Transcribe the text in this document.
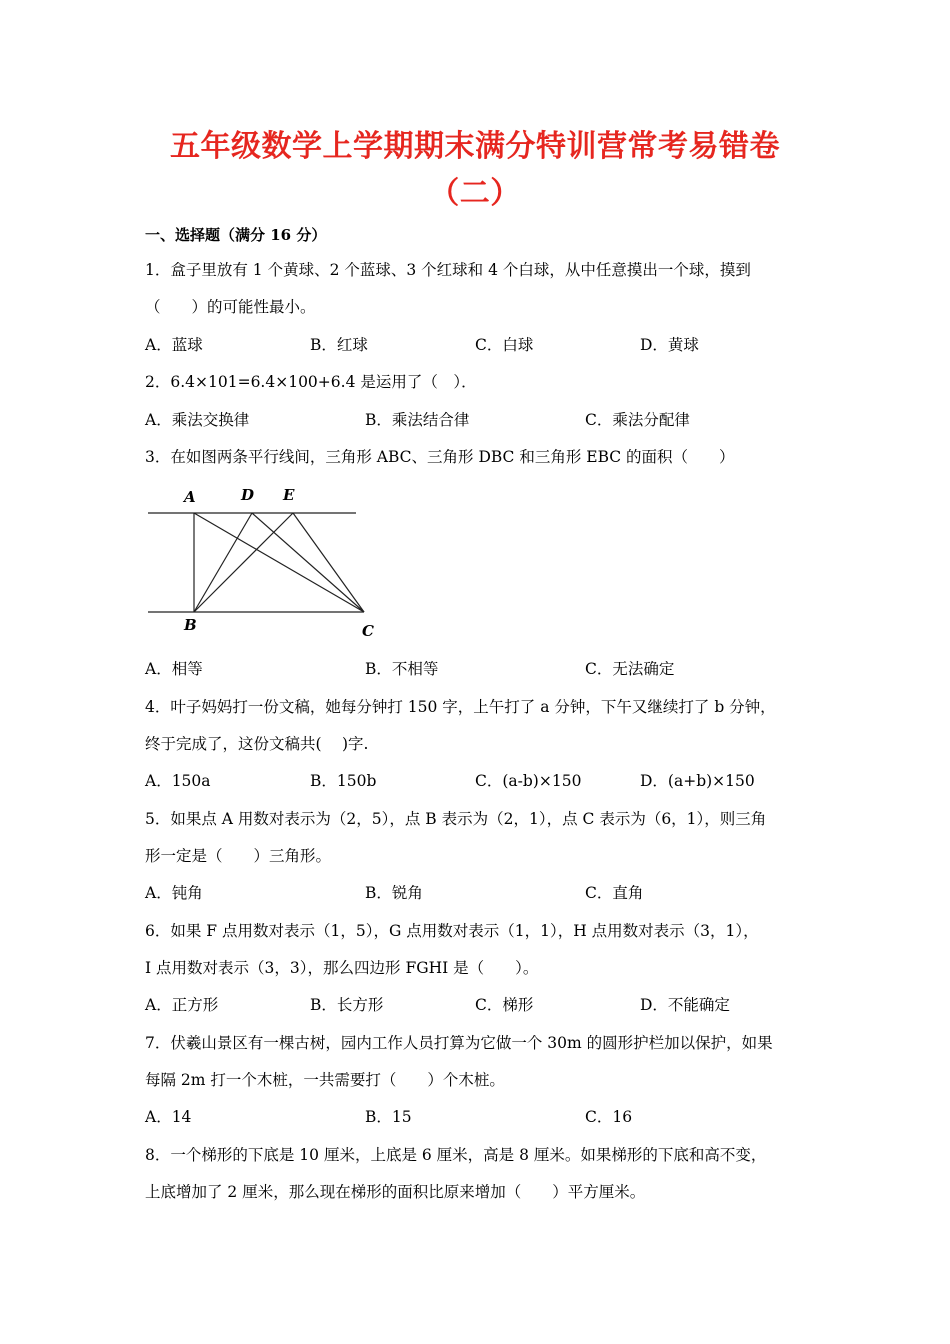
五年级数学上学期期末满分特训营常考易错卷
（二）
一、选择题（满分 16 分）
1．盒子里放有 1 个黄球、2 个蓝球、3 个红球和 4 个白球，从中任意摸出一个球，摸到
（　　）的可能性最小。
A．蓝球	B．红球	C．白球	D．黄球
2．6.4×101=6.4×100+6.4 是运用了（　）．
A．乘法交换律	B．乘法结合律	C．乘法分配律
3．在如图两条平行线间，三角形 ABC、三角形 DBC 和三角形 EBC 的面积（　　）
A	D E
B	C
A．相等	B．不相等	C．无法确定
4．叶子妈妈打一份文稿，她每分钟打 150 字，上午打了 a 分钟，下午又继续打了 b 分钟，
终于完成了，这份文稿共(　 )字.
A．150a	B．150b	C．(a-b)×150	D．(a+b)×150
5．如果点 A 用数对表示为（2，5），点 B 表示为（2，1），点 C 表示为（6，1），则三角
形一定是（　　）三角形。
A．钝角	B．锐角	C．直角
6．如果 F 点用数对表示（1，5），G 点用数对表示（1，1），H 点用数对表示（3，1），
I 点用数对表示（3，3），那么四边形 FGHI 是（　　）。
A．正方形	B．长方形	C．梯形	D．不能确定
7．伏羲山景区有一棵古树，园内工作人员打算为它做一个 30m 的圆形护栏加以保护，如果
每隔 2m 打一个木桩，一共需要打（　　）个木桩。
A．14	B．15	C．16
8．一个梯形的下底是 10 厘米，上底是 6 厘米，高是 8 厘米。如果梯形的下底和高不变，
上底增加了 2 厘米，那么现在梯形的面积比原来增加（　　）平方厘米。
